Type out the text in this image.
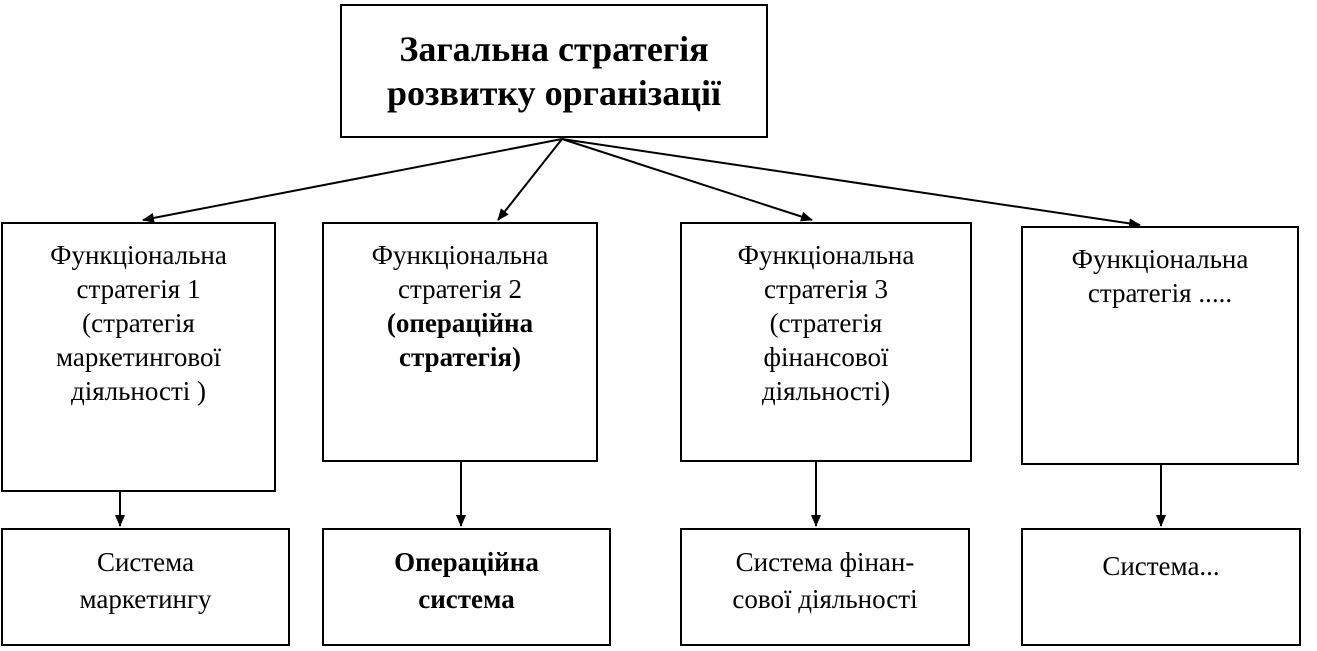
Загальна стратегія
розвитку організації
Функціональна
стратегія 1
(стратегія
маркетингової
діяльності )
Функціональна
стратегія 2
(операційна
стратегія)
Функціональна
стратегія 3
(стратегія
фінансової
діяльності)
Функціональна
стратегія .....
Система
маркетингу
Операційна
система
Система фінан-
сової діяльності
Система...
